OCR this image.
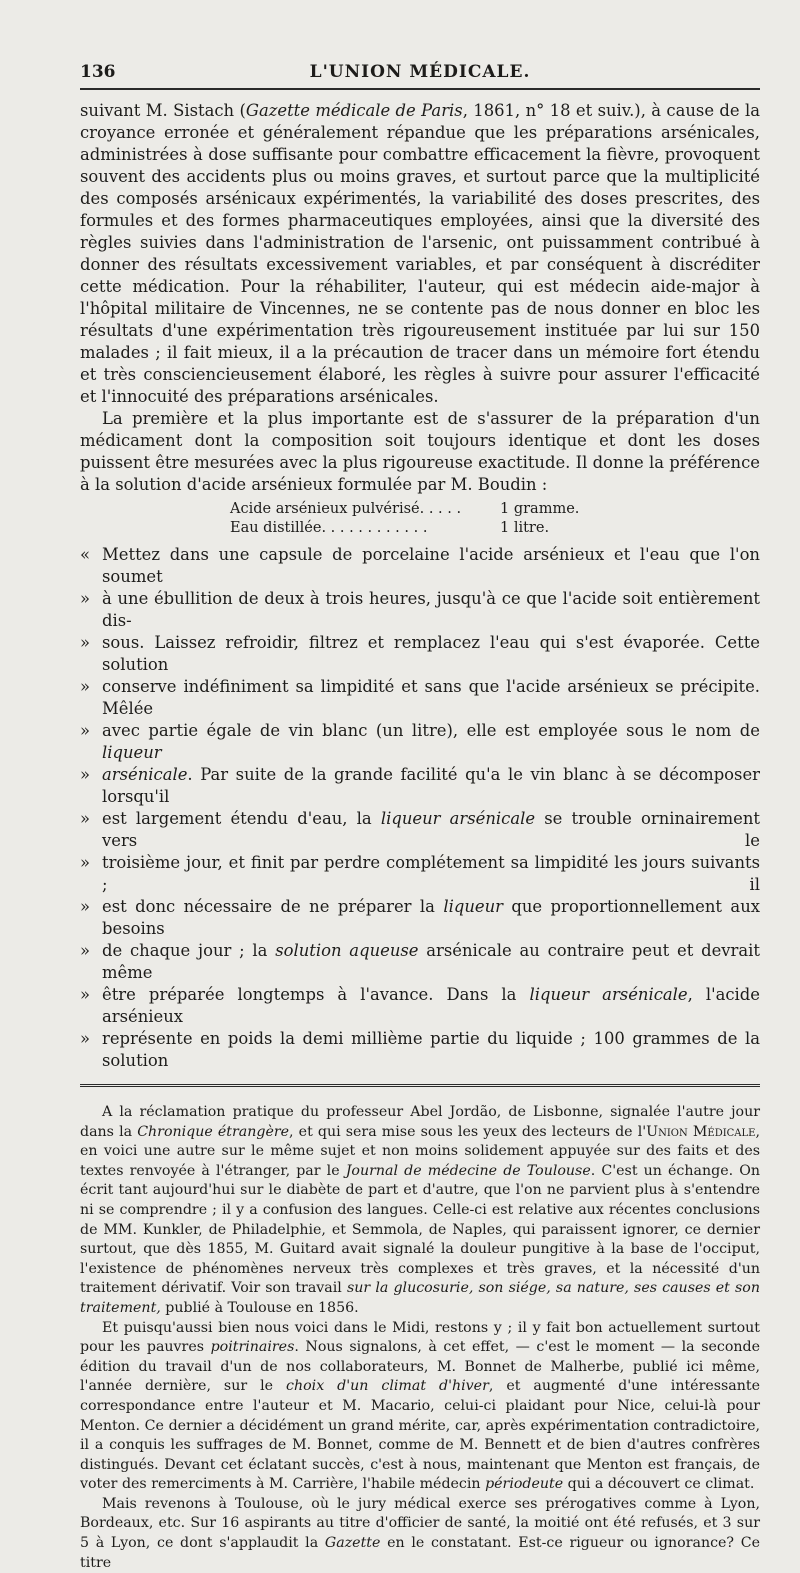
136	L'UNION MÉDICALE.

suivant M. Sistach (Gazette médicale de Paris, 1861, n° 18 et suiv.), à cause de la croyance erronée et généralement répandue que les préparations arsénicales, administrées à dose suffisante pour combattre efficacement la fièvre, provoquent souvent des accidents plus ou moins graves, et surtout parce que la multiplicité des composés arsénicaux expérimentés, la variabilité des doses prescrites, des formules et des formes pharmaceutiques employées, ainsi que la diversité des règles suivies dans l'administration de l'arsenic, ont puissamment contribué à donner des résultats excessivement variables, et par conséquent à discréditer cette médication. Pour la réhabiliter, l'auteur, qui est médecin aide-major à l'hôpital militaire de Vincennes, ne se contente pas de nous donner en bloc les résultats d'une expérimentation très rigoureusement instituée par lui sur 150 malades ; il fait mieux, il a la précaution de tracer dans un mémoire fort étendu et très consciencieusement élaboré, les règles à suivre pour assurer l'efficacité et l'innocuité des préparations arsénicales.

La première et la plus importante est de s'assurer de la préparation d'un médicament dont la composition soit toujours identique et dont les doses puissent être mesurées avec la plus rigoureuse exactitude. Il donne la préférence à la solution d'acide arsénieux formulée par M. Boudin :

Acide arsénieux pulvérisé. . . . .	1 gramme.
Eau distillée. . . . . . . . . . . .	1 litre.
« Mettez dans une capsule de porcelaine l'acide arsénieux et l'eau que l'on soumet
» à une ébullition de deux à trois heures, jusqu'à ce que l'acide soit entièrement dis-
» sous. Laissez refroidir, filtrez et remplacez l'eau qui s'est évaporée. Cette solution
» conserve indéfiniment sa limpidité et sans que l'acide arsénieux se précipite. Mêlée
» avec partie égale de vin blanc (un litre), elle est employée sous le nom de liqueur
» arsénicale. Par suite de la grande facilité qu'a le vin blanc à se décomposer lorsqu'il
» est largement étendu d'eau, la liqueur arsénicale se trouble orninairement vers le
» troisième jour, et finit par perdre complétement sa limpidité les jours suivants ; il
» est donc nécessaire de ne préparer la liqueur que proportionnellement aux besoins
» de chaque jour ; la solution aqueuse arsénicale au contraire peut et devrait même
» être préparée longtemps à l'avance. Dans la liqueur arsénicale, l'acide arsénieux
» représente en poids la demi millième partie du liquide ; 100 grammes de la solution

A la réclamation pratique du professeur Abel Jordão, de Lisbonne, signalée l'autre jour dans la Chronique étrangère, et qui sera mise sous les yeux des lecteurs de l'Union Médicale, en voici une autre sur le même sujet et non moins solidement appuyée sur des faits et des textes renvoyée à l'étranger, par le Journal de médecine de Toulouse. C'est un échange. On écrit tant aujourd'hui sur le diabète de part et d'autre, que l'on ne parvient plus à s'entendre ni se comprendre ; il y a confusion des langues. Celle-ci est relative aux récentes conclusions de MM. Kunkler, de Philadelphie, et Semmola, de Naples, qui paraissent ignorer, ce dernier surtout, que dès 1855, M. Guitard avait signalé la douleur pungitive à la base de l'occiput, l'existence de phénomènes nerveux très complexes et très graves, et la nécessité d'un traitement dérivatif. Voir son travail sur la glucosurie, son siége, sa nature, ses causes et son traitement, publié à Toulouse en 1856.

Et puisqu'aussi bien nous voici dans le Midi, restons y ; il y fait bon actuellement surtout pour les pauvres poitrinaires. Nous signalons, à cet effet, — c'est le moment — la seconde édition du travail d'un de nos collaborateurs, M. Bonnet de Malherbe, publié ici même, l'année dernière, sur le choix d'un climat d'hiver, et augmenté d'une intéressante correspondance entre l'auteur et M. Macario, celui-ci plaidant pour Nice, celui-là pour Menton. Ce dernier a décidément un grand mérite, car, après expérimentation contradictoire, il a conquis les suffrages de M. Bonnet, comme de M. Bennett et de bien d'autres confrères distingués. Devant cet éclatant succès, c'est à nous, maintenant que Menton est français, de voter des remerciments à M. Carrière, l'habile médecin périodeute qui a découvert ce climat.

Mais revenons à Toulouse, où le jury médical exerce ses prérogatives comme à Lyon, Bordeaux, etc. Sur 16 aspirants au titre d'officier de santé, la moitié ont été refusés, et 3 sur 5 à Lyon, ce dont s'applaudit la Gazette en le constatant. Est-ce rigueur ou ignorance? Ce titre
